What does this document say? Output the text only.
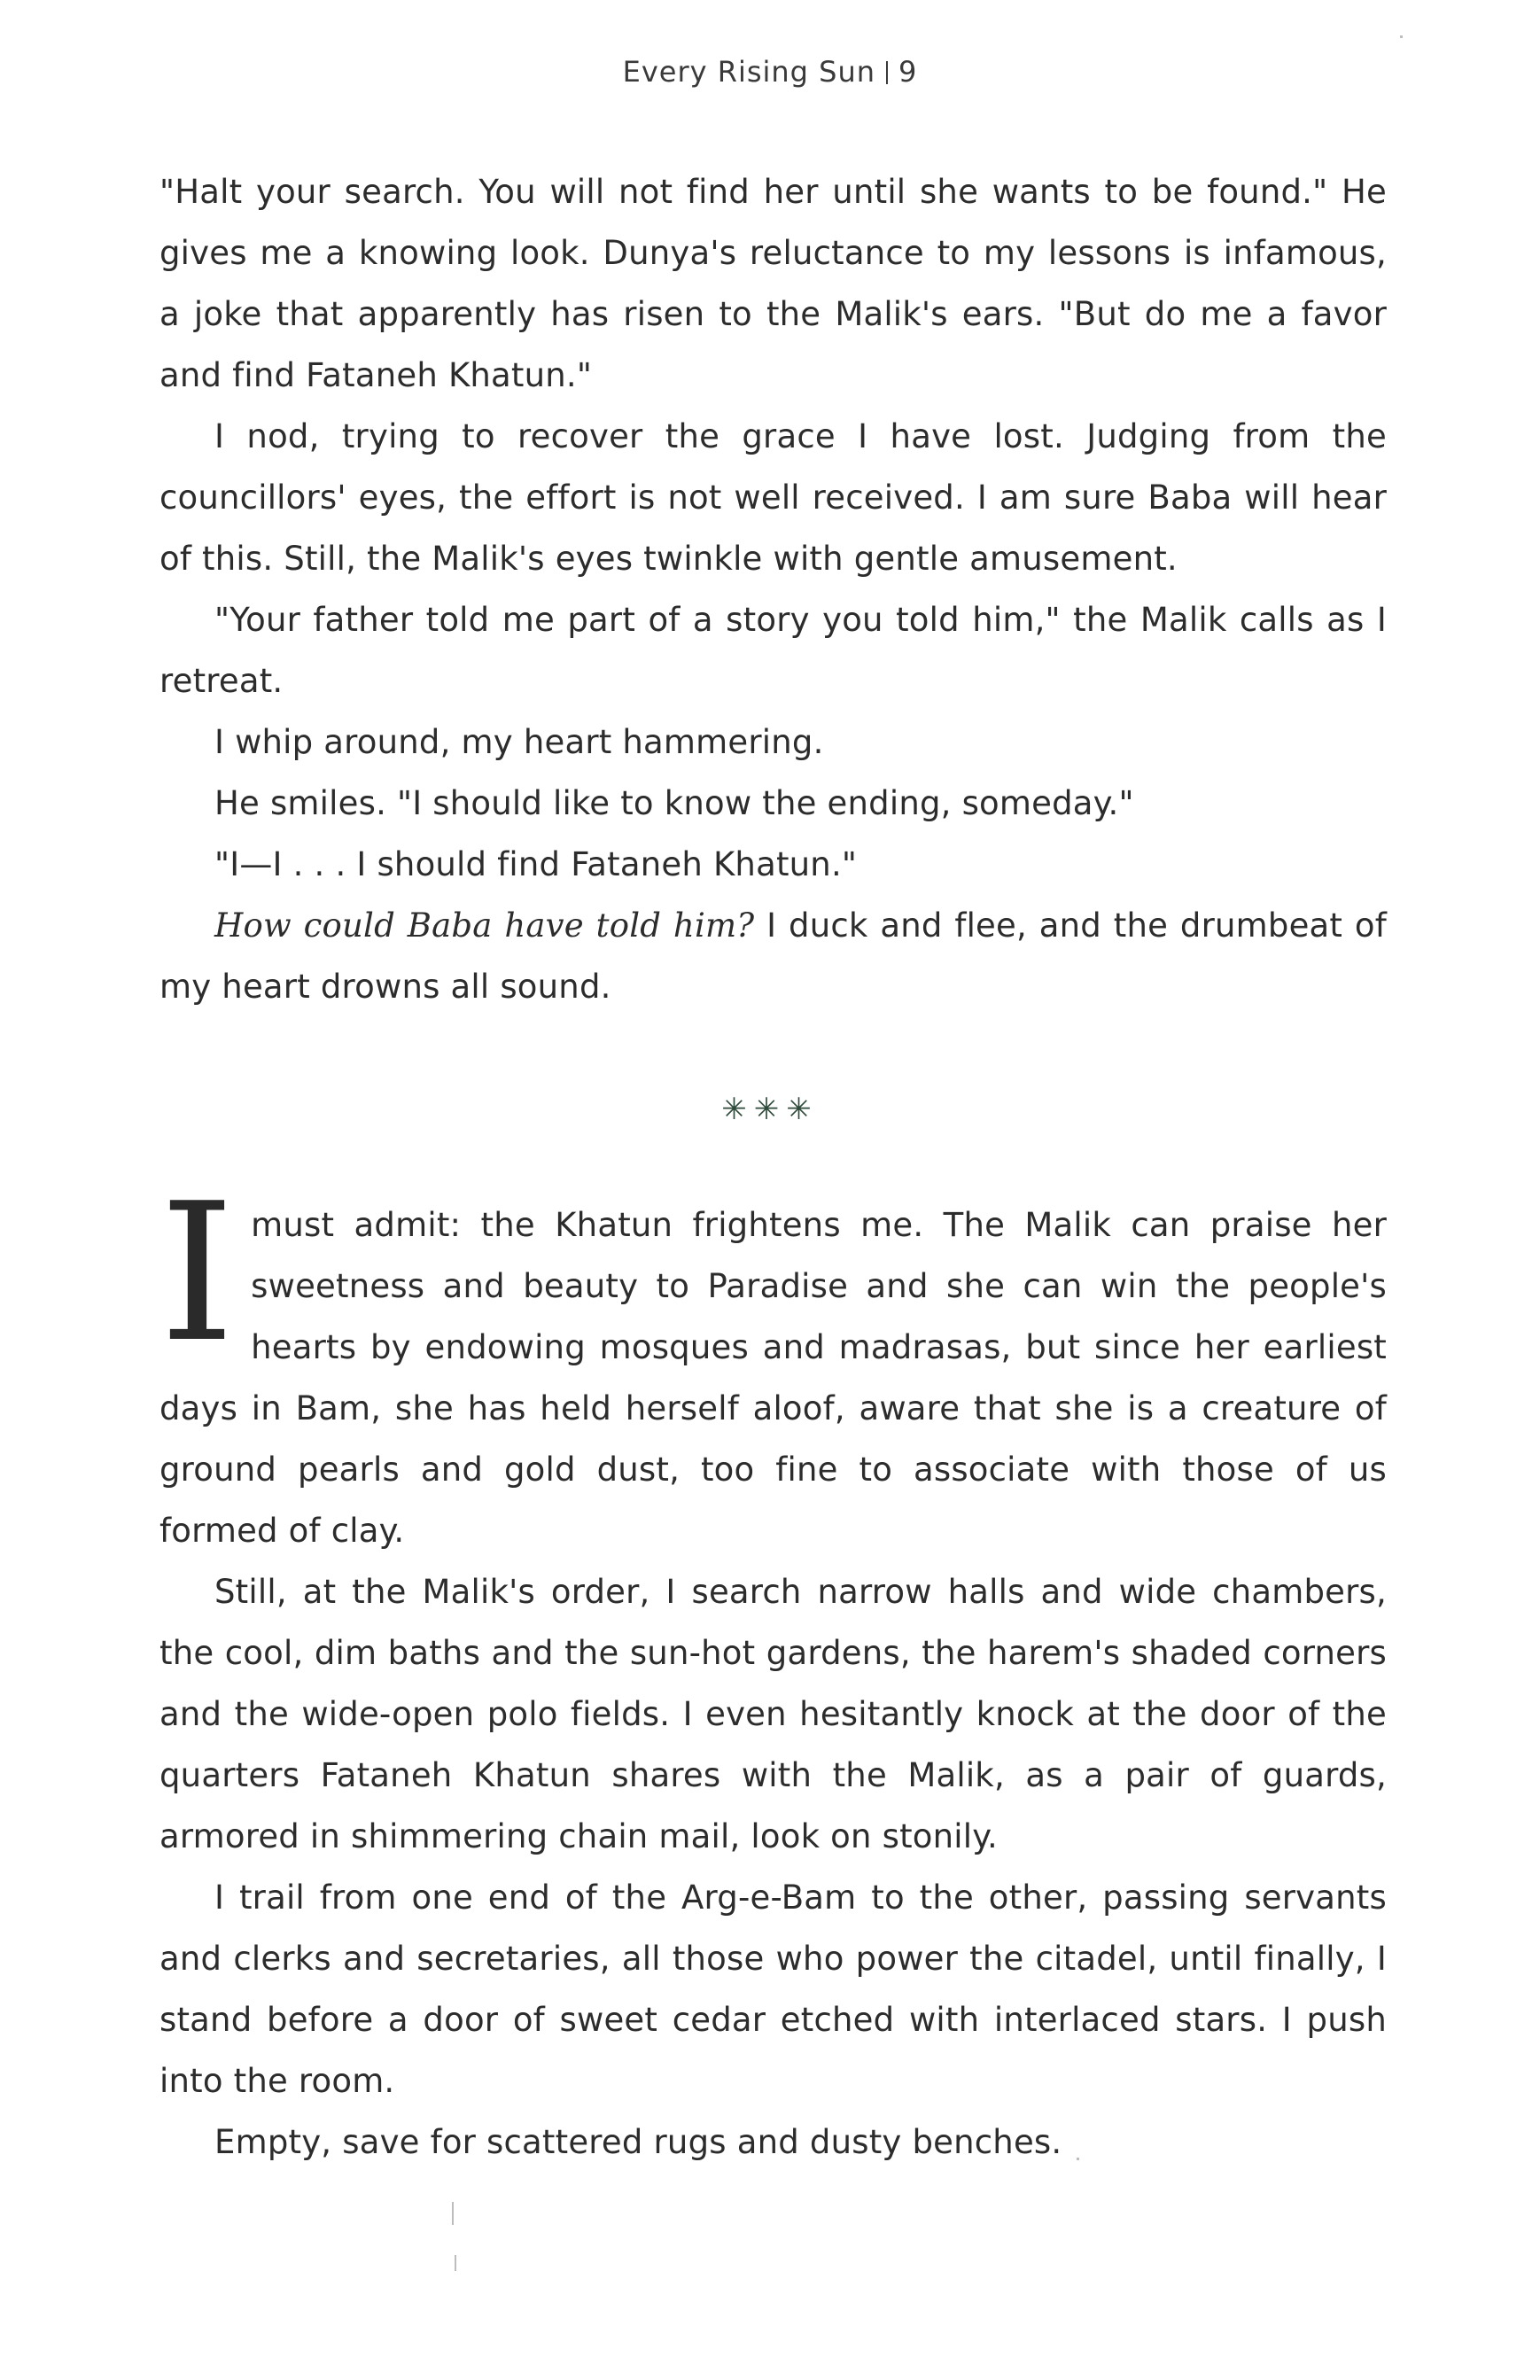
Every Rising Sun 9

"Halt your search. You will not find her until she wants to be found." He gives me a knowing look. Dunya's reluctance to my lessons is infamous, a joke that apparently has risen to the Malik's ears. "But do me a favor and find Fataneh Khatun."

I nod, trying to recover the grace I have lost. Judging from the councillors' eyes, the effort is not well received. I am sure Baba will hear of this. Still, the Malik's eyes twinkle with gentle amusement.

"Your father told me part of a story you told him," the Malik calls as I retreat.

I whip around, my heart hammering.

He smiles. "I should like to know the ending, someday."

"I—I . . . I should find Fataneh Khatun."

How could Baba have told him? I duck and flee, and the drumbeat of my heart drowns all sound.

✳✳✳

Imust admit: the Khatun frightens me. The Malik can praise her sweetness and beauty to Paradise and she can win the people's hearts by endowing mosques and madrasas, but since her earliest days in Bam, she has held herself aloof, aware that she is a creature of ground pearls and gold dust, too fine to associate with those of us formed of clay.

Still, at the Malik's order, I search narrow halls and wide chambers, the cool, dim baths and the sun-hot gardens, the harem's shaded corners and the wide-open polo fields. I even hesitantly knock at the door of the quarters Fataneh Khatun shares with the Malik, as a pair of guards, armored in shimmering chain mail, look on stonily.

I trail from one end of the Arg-e-Bam to the other, passing servants and clerks and secretaries, all those who power the citadel, until finally, I stand before a door of sweet cedar etched with interlaced stars. I push into the room.

Empty, save for scattered rugs and dusty benches.
